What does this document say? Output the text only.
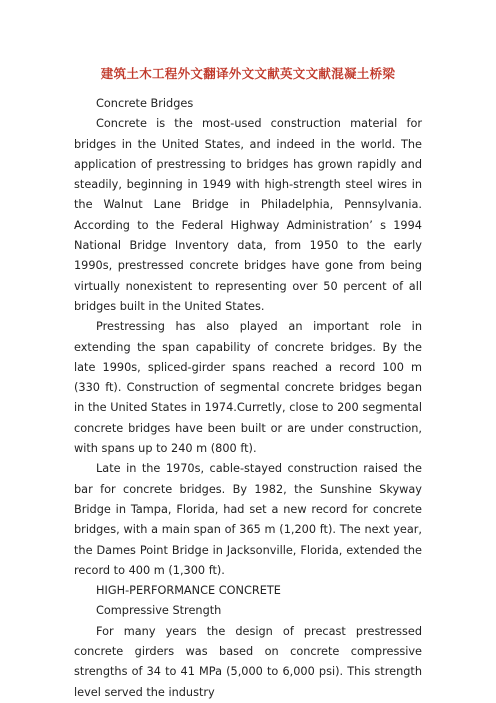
建筑土木工程外文翻译外文文献英文文献混凝土桥梁

Concrete Bridges

Concrete is the most-used construction material for bridges in the United States, and indeed in the world. The application of prestressing to bridges has grown rapidly and steadily, beginning in 1949 with high-strength steel wires in the Walnut Lane Bridge in Philadelphia, Pennsylvania. According to the Federal Highway Administration’ s 1994 National Bridge Inventory data, from 1950 to the early 1990s, prestressed concrete bridges have gone from being virtually nonexistent to representing over 50 percent of all bridges built in the United States.

Prestressing has also played an important role in extending the span capability of concrete bridges. By the late 1990s, spliced-girder spans reached a record 100 m (330 ft). Construction of segmental concrete bridges began in the United States in 1974.Curretly, close to 200 segmental concrete bridges have been built or are under construction, with spans up to 240 m (800 ft).

Late in the 1970s, cable-stayed construction raised the bar for concrete bridges. By 1982, the Sunshine Skyway Bridge in Tampa, Florida, had set a new record for concrete bridges, with a main span of 365 m (1,200 ft). The next year, the Dames Point Bridge in Jacksonville, Florida, extended the record to 400 m (1,300 ft).

HIGH-PERFORMANCE CONCRETE

Compressive Strength

For many years the design of precast prestressed concrete girders was based on concrete compressive strengths of 34 to 41 MPa (5,000 to 6,000 psi). This strength level served the industry
